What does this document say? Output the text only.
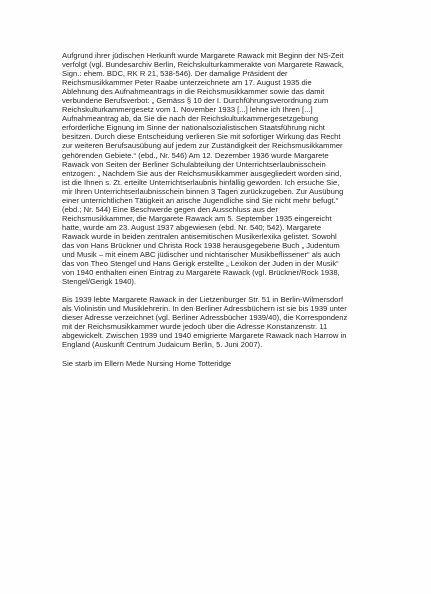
Aufgrund ihrer jüdischen Herkunft wurde Margarete Rawack mit Beginn der NS-Zeit
verfolgt (vgl. Bundesarchiv Berlin, Reichskulturkammerakte von Margarete Rawack,
Sign.: ehem. BDC, RK R 21, 538-546). Der damalige Präsident der
Reichsmusikkammer Peter Raabe unterzeichnete am 17. August 1935 die
Ablehnung des Aufnahmeantrags in die Reichsmusikkammer sowie das damit
verbundene Berufsverbot: „ Gemäss § 10 der I. Durchführungsverordnung zum
Reichskulturkammergesetz vom 1. November 1933 [...] lehne ich Ihren [...]
Aufnahmeantrag ab, da Sie die nach der Reichskulturkammergesetzgebung
erforderliche Eignung im Sinne der nationalsozialistischen Staatsführung nicht
besitzen. Durch diese Entscheidung verlieren Sie mit sofortiger Wirkung das Recht
zur weiteren Berufsausübung auf jedem zur Zuständigkeit der Reichsmusikkammer
gehörenden Gebiete.“ (ebd., Nr. 546) Am 12. Dezember 1936 wurde Margarete
Rawack von Seiten der Berliner Schulabteilung der Unterrichtserlaubnisschein
entzogen: „ Nachdem Sie aus der Reichsmusikkammer ausgegliedert worden sind,
ist die Ihnen s. Zt. erteilte Unterrichtserlaubnis hinfällig geworden. Ich ersuche Sie,
mir Ihren Unterrichtserlaubnisschein binnen 3 Tagen zurückzugeben. Zur Ausübung
einer unterrichtlichen Tätigkeit an arische Jugendliche sind Sie nicht mehr befugt.“
(ebd.; Nr. 544) Eine Beschwerde gegen den Ausschluss aus der
Reichsmusikkammer, die Margarete Rawack am 5. September 1935 eingereicht
hatte, wurde am 23. August 1937 abgewiesen (ebd. Nr. 540; 542). Margarete
Rawack wurde in beiden zentralen antisemitischen Musikerlexika gelistet. Sowohl
das von Hans Brückner und Christa Rock 1938 herausgegebene Buch „ Judentum
und Musik – mit einem ABC jüdischer und nichtarischer Musikbeflissener“ als auch
das von Theo Stengel und Hans Gerigk erstellte „ Lexikon der Juden in der Musik“
von 1940 enthalten einen Eintrag zu Margarete Rawack (vgl. Brückner/Rock 1938,
Stengel/Gerigk 1940).

Bis 1939 lebte Margarete Rawack in der Lietzenburger Str. 51 in Berlin-Wilmersdorf
als Violinistin und Musiklehrerin. In den Berliner Adressbüchern ist sie bis 1939 unter
dieser Adresse verzeichnet (vgl. Berliner Adressbücher 1939/40), die Korrespondenz
mit der Reichsmusikkammer wurde jedoch über die Adresse Konstanzenstr. 11
abgewickelt. Zwischen 1939 und 1940 emigrierte Margarete Rawack nach Harrow in
England (Auskunft Centrum Judaicum Berlin, 5. Juni 2007).

Sie starb im Ellern Mede Nursing Home Totteridge
